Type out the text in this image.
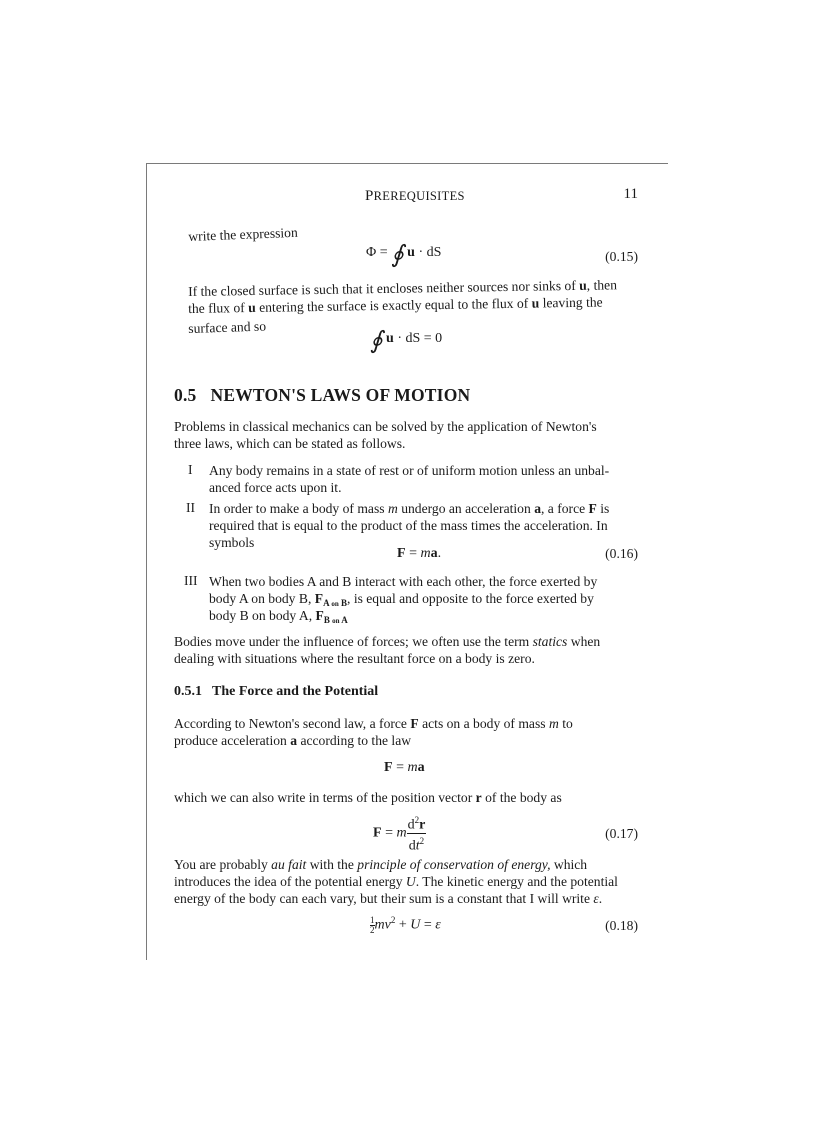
PREREQUISITES	11
write the expression
Φ = ∮ u · dS	(0.15)
If the closed surface is such that it encloses neither sources nor sinks of u, then
the flux of u entering the surface is exactly equal to the flux of u leaving the
surface and so	∮ u · dS = 0
0.5 NEWTON'S LAWS OF MOTION
Problems in classical mechanics can be solved by the application of Newton's
three laws, which can be stated as follows.
I Any body remains in a state of rest or of uniform motion unless an unbal-
anced force acts upon it.
II In order to make a body of mass m undergo an acceleration a, a force F is
required that is equal to the product of the mass times the acceleration. In
symbols
F = ma.	(0.16)
III When two bodies A and B interact with each other, the force exerted by
body A on body B, $F_{A on B}$, is equal and opposite to the force exerted by
body B on body A, $F_{B on A}$
Bodies move under the influence of forces; we often use the term statics when
dealing with situations where the resultant force on a body is zero.
0.5.1 The Force and the Potential
According to Newton's second law, a force F acts on a body of mass m to
produce acceleration a according to the law
F = ma
which we can also write in terms of the position vector r of the body as
F = m $\frac{d^2r}{dt^2}$	(0.17)
You are probably au fait with the principle of conservation of energy, which
introduces the idea of the potential energy U. The kinetic energy and the potential
energy of the body can each vary, but their sum is a constant that I will write ε.
$\frac{1}{2} mv^2 + U = \varepsilon$	(0.18)
